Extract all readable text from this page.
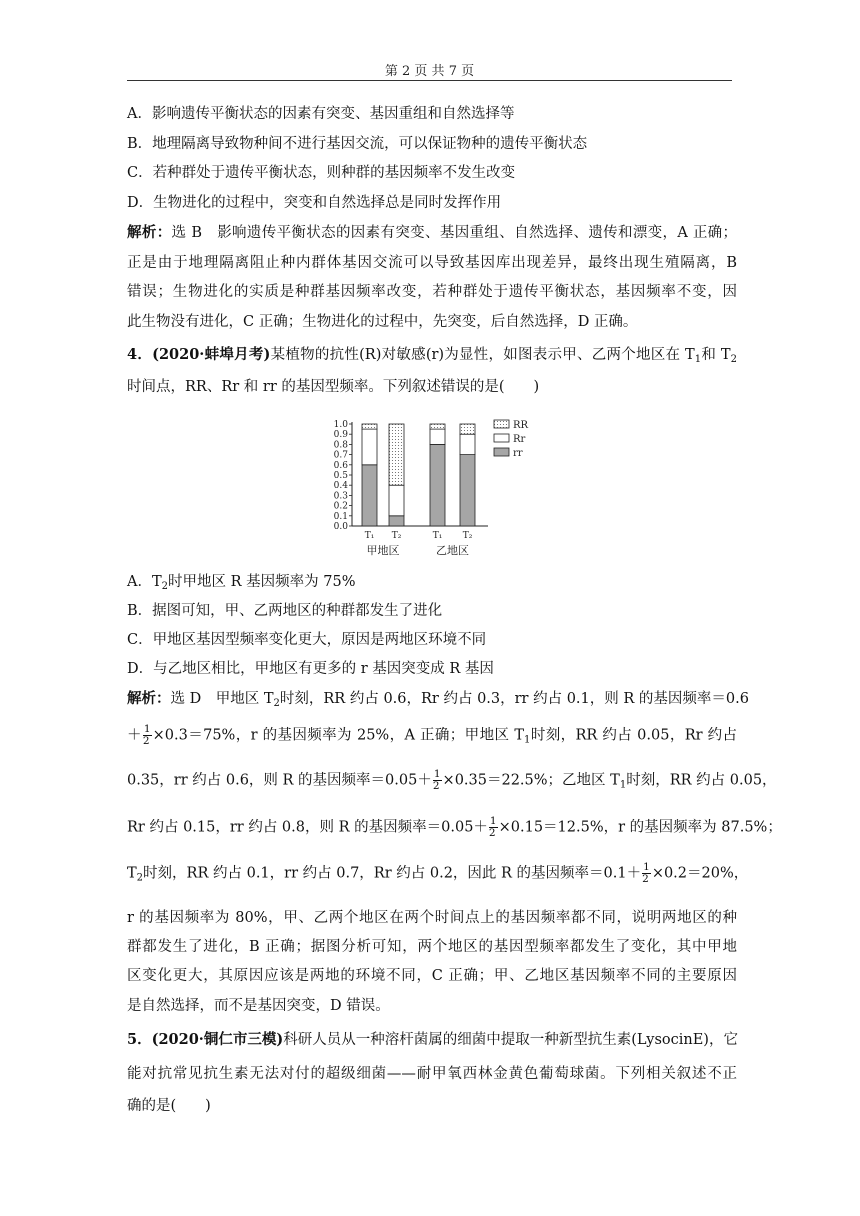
第 2 页 共 7 页
A．影响遗传平衡状态的因素有突变、基因重组和自然选择等
B．地理隔离导致物种间不进行基因交流，可以保证物种的遗传平衡状态
C．若种群处于遗传平衡状态，则种群的基因频率不发生改变
D．生物进化的过程中，突变和自然选择总是同时发挥作用
解析：选 B　影响遗传平衡状态的因素有突变、基因重组、自然选择、遗传和漂变，A 正确；
正是由于地理隔离阻止种内群体基因交流可以导致基因库出现差异，最终出现生殖隔离，B
错误；生物进化的实质是种群基因频率改变，若种群处于遗传平衡状态，基因频率不变，因
此生物没有进化，C 正确；生物进化的过程中，先突变，后自然选择，D 正确。
4．(2020·蚌埠月考)某植物的抗性(R)对敏感(r)为显性，如图表示甲、乙两个地区在 $T_1$和 $T_2$
时间点，RR、Rr 和 rr 的基因型频率。下列叙述错误的是(　　)
0.0
0.1
0.2
0.3
0.4
0.5
0.6
0.7
0.8
0.9
1.0
T₁ T₂	T₁ T₂
甲地区	乙地区
RR
Rr
rr
A．$T_2$时甲地区 R 基因频率为 75%
B．据图可知，甲、乙两地区的种群都发生了进化
C．甲地区基因型频率变化更大，原因是两地区环境不同
D．与乙地区相比，甲地区有更多的 r 基因突变成 R 基因
解析：选 D　甲地区 $T_2$时刻，RR 约占 0.6，Rr 约占 0.3，rr 约占 0.1，则 R 的基因频率＝0.6
＋ $\frac{1}{2} \times 0.3=75\%$，r 的基因频率为 25%，A 正确；甲地区 $T_1$时刻，RR 约占 0.05，Rr 约占
0.35，rr 约占 0.6，则 R 的基因频率$=0.05+ \frac{1}{2} \times 0.35=22.5\%$；乙地区 $T_1$时刻，RR 约占 0.05，
Rr 约占 0.15，rr 约占 0.8，则 R 的基因频率$=0.05+ \frac{1}{2} \times 0.15=12.5\%$，r 的基因频率为 87.5%；
$T_2$时刻，RR 约占 0.1，rr 约占 0.7，Rr 约占 0.2，因此 R 的基因频率$=0.1+ \frac{1}{2} \times 0.2=20\%$，
r 的基因频率为 80%，甲、乙两个地区在两个时间点上的基因频率都不同，说明两地区的种
群都发生了进化，B 正确；据图分析可知，两个地区的基因型频率都发生了变化，其中甲地
区变化更大，其原因应该是两地的环境不同，C 正确；甲、乙地区基因频率不同的主要原因
是自然选择，而不是基因突变，D 错误。
5．(2020·铜仁市三模)科研人员从一种溶杆菌属的细菌中提取一种新型抗生素(LysocinE)，它
能对抗常见抗生素无法对付的超级细菌——耐甲氧西林金黄色葡萄球菌。下列相关叙述不正
确的是(　　)
